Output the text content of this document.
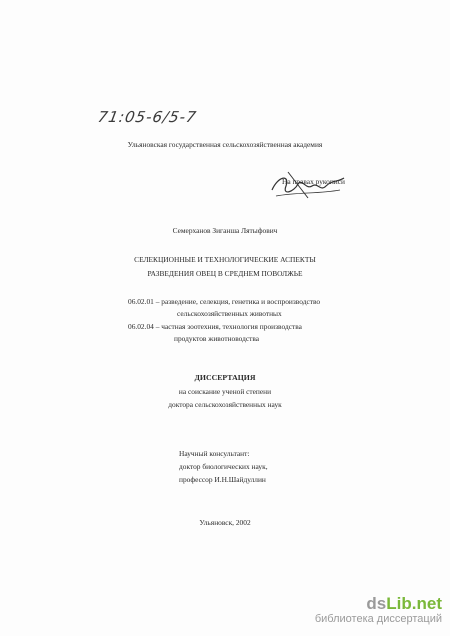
71:05-6/5-7
Ульяновская государственная сельскохозяйственная академия
На правах рукописи
Семерханов Зиганша Лятыфович
СЕЛЕКЦИОННЫЕ И ТЕХНОЛОГИЧЕСКИЕ АСПЕКТЫ
РАЗВЕДЕНИЯ ОВЕЦ В СРЕДНЕМ ПОВОЛЖЬЕ
06.02.01 – разведение, селекция, генетика и воспроизводство
сельскохозяйственных животных
06.02.04 – частная зоотехния, технология производства
продуктов животноводства
ДИССЕРТАЦИЯ
на соискание ученой степени
доктора сельскохозяйственных наук
Научный консультант:
доктор биологических наук,
профессор И.Н.Шайдуллин
Ульяновск, 2002
dsLib.net
библиотека диссертаций
